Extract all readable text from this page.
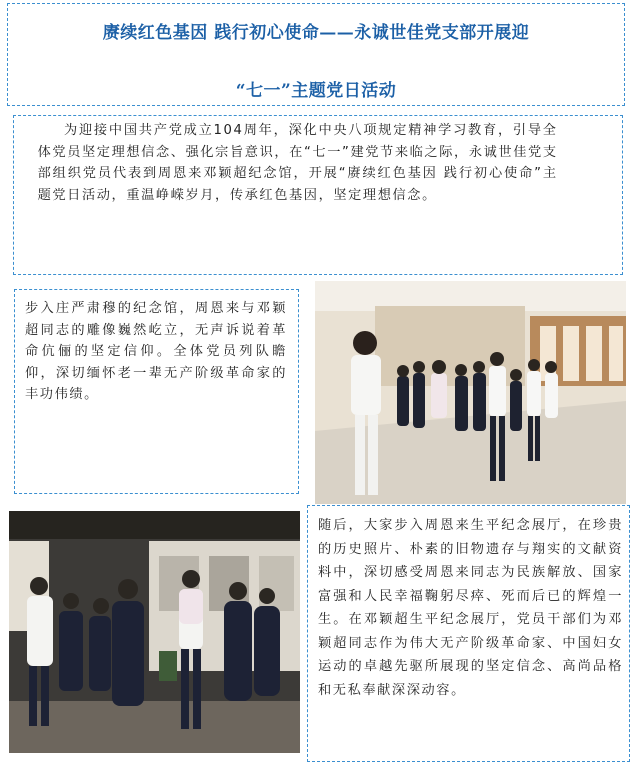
赓续红色基因 践行初心使命——永诚世佳党支部开展迎
“七一”主题党日活动
为迎接中国共产党成立104周年，深化中央八项规定精神学习教育，引导全体党员坚定理想信念、强化宗旨意识，在“七一”建党节来临之际，永诚世佳党支部组织党员代表到周恩来邓颖超纪念馆，开展“赓续红色基因 践行初心使命”主题党日活动，重温峥嵘岁月，传承红色基因，坚定理想信念。
步入庄严肃穆的纪念馆，周恩来与邓颖超同志的雕像巍然屹立，无声诉说着革命伉俪的坚定信仰。全体党员列队瞻仰，深切缅怀老一辈无产阶级革命家的丰功伟绩。
随后，大家步入周恩来生平纪念展厅，在珍贵的历史照片、朴素的旧物遗存与翔实的文献资料中，深切感受周恩来同志为民族解放、国家富强和人民幸福鞠躬尽瘁、死而后已的辉煌一生。在邓颖超生平纪念展厅，党员干部们为邓颖超同志作为伟大无产阶级革命家、中国妇女运动的卓越先驱所展现的坚定信念、高尚品格和无私奉献深深动容。
